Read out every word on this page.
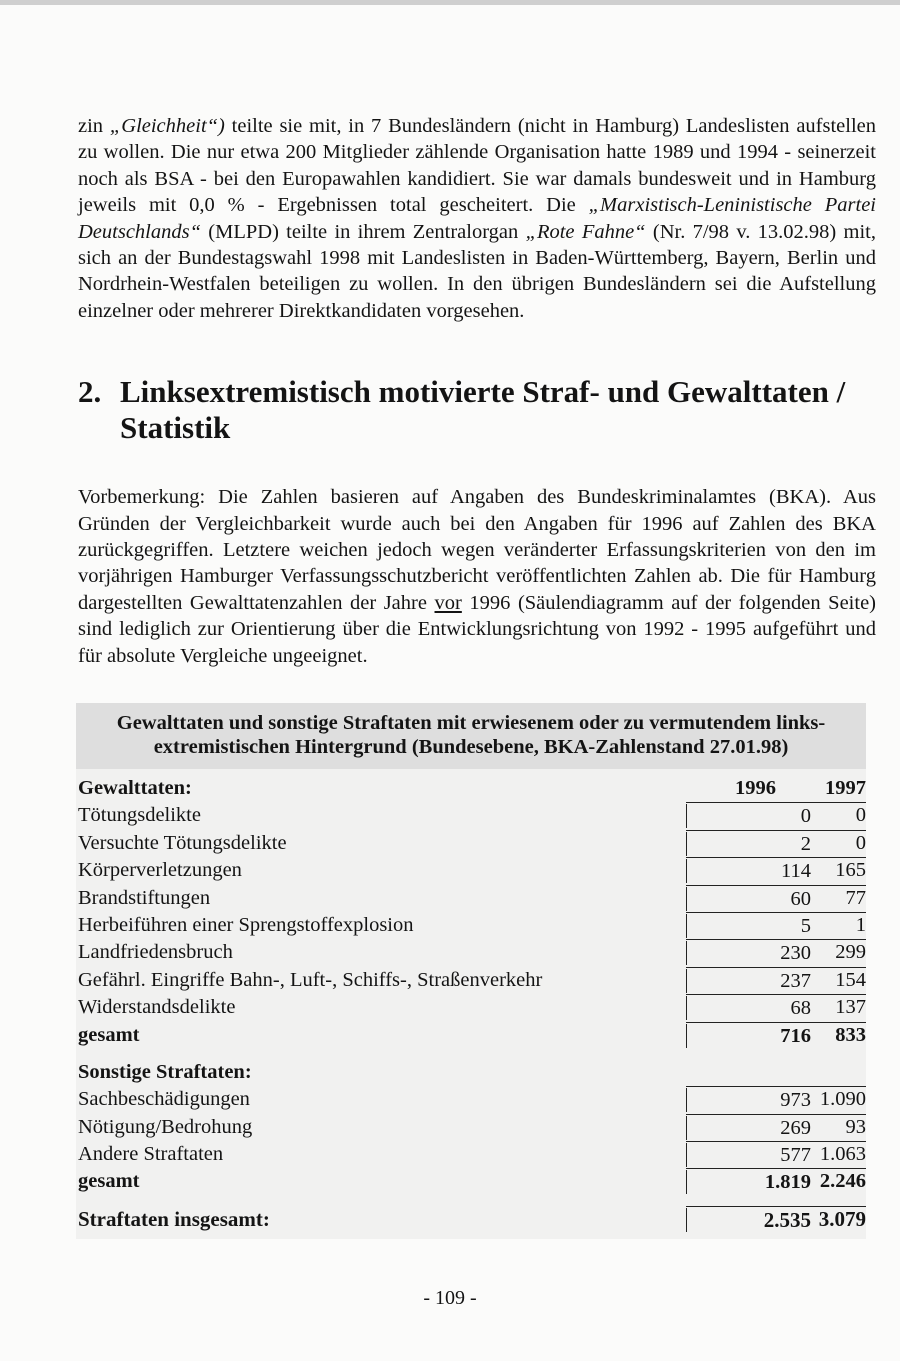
zin „Gleichheit“) teilte sie mit, in 7 Bundesländern (nicht in Hamburg) Landeslisten aufstellen zu wollen. Die nur etwa 200 Mitglieder zählende Organisation hatte 1989 und 1994 - seinerzeit noch als BSA - bei den Europawahlen kandidiert. Sie war damals bundesweit und in Hamburg jeweils mit 0,0 % - Ergebnissen total gescheitert. Die „Marxistisch-Leninistische Partei Deutschlands“ (MLPD) teilte in ihrem Zentralorgan „Rote Fahne“ (Nr. 7/98 v. 13.02.98) mit, sich an der Bundestagswahl 1998 mit Landeslisten in Baden-Württemberg, Bayern, Berlin und Nordrhein-Westfalen beteiligen zu wollen. In den übrigen Bundesländern sei die Aufstellung einzelner oder mehrerer Direktkandidaten vorgesehen.

2. Linksextremistisch motivierte Straf- und Gewalttaten /
Statistik

Vorbemerkung: Die Zahlen basieren auf Angaben des Bundeskriminalamtes (BKA). Aus Gründen der Vergleichbarkeit wurde auch bei den Angaben für 1996 auf Zahlen des BKA zurückgegriffen. Letztere weichen jedoch wegen veränderter Erfassungskriterien von den im vorjährigen Hamburger Verfassungsschutzbericht veröffentlichten Zahlen ab. Die für Hamburg dargestellten Gewalttatenzahlen der Jahre vor 1996 (Säulendiagramm auf der folgenden Seite) sind lediglich zur Orientierung über die Entwicklungsrichtung von 1992 - 1995 aufgeführt und für absolute Vergleiche ungeeignet.

Gewalttaten und sonstige Straftaten mit erwiesenem oder zu vermutendem links-
extremistischen Hintergrund (Bundesebene, BKA-Zahlenstand 27.01.98)
Gewalttaten:	1996	1997
Tötungsdelikte	0	0
Versuchte Tötungsdelikte	2	0
Körperverletzungen	114	165
Brandstiftungen	60	77
Herbeiführen einer Sprengstoffexplosion	5	1
Landfriedensbruch	230	299
Gefährl. Eingriffe Bahn-, Luft-, Schiffs-, Straßenverkehr	237	154
Widerstandsdelikte	68	137
gesamt	716	833
Sonstige Straftaten:
Sachbeschädigungen	973 1.090
Nötigung/Bedrohung	269	93
Andere Straftaten	577 1.063
gesamt	1.819 2.246
Straftaten insgesamt:	2.535 3.079
- 109 -
